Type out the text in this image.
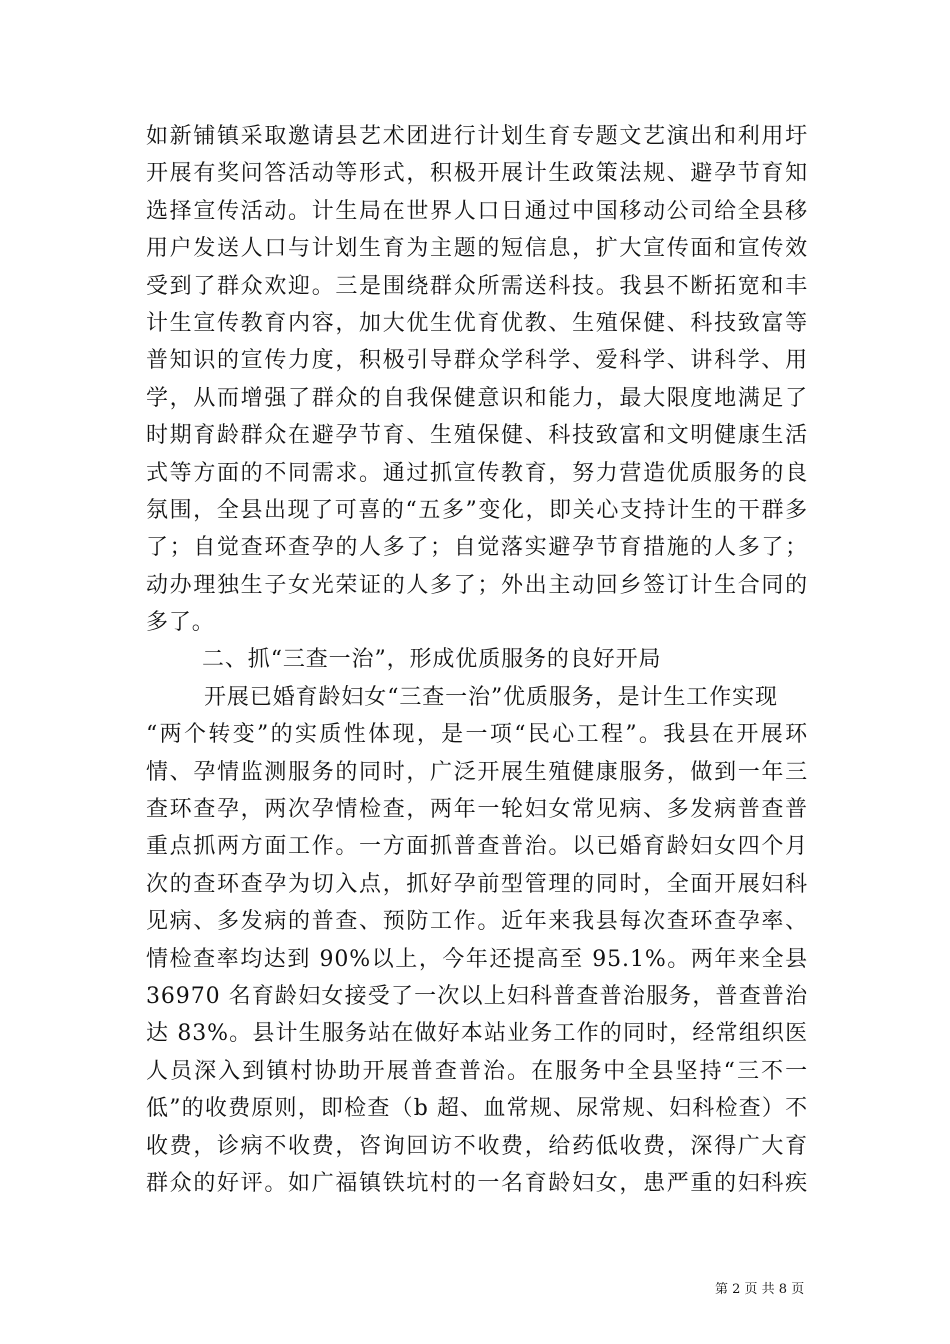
如新铺镇采取邀请县艺术团进行计划生育专题文艺演出和利用圩
开展有奖问答活动等形式，积极开展计生政策法规、避孕节育知
选择宣传活动。计生局在世界人口日通过中国移动公司给全县移
用户发送人口与计划生育为主题的短信息，扩大宣传面和宣传效
受到了群众欢迎。三是围绕群众所需送科技。我县不断拓宽和丰
计生宣传教育内容，加大优生优育优教、生殖保健、科技致富等
普知识的宣传力度，积极引导群众学科学、爱科学、讲科学、用
学，从而增强了群众的自我保健意识和能力，最大限度地满足了
时期育龄群众在避孕节育、生殖保健、科技致富和文明健康生活
式等方面的不同需求。通过抓宣传教育，努力营造优质服务的良
氛围，全县出现了可喜的“五多”变化，即关心支持计生的干群多
了；自觉查环查孕的人多了；自觉落实避孕节育措施的人多了；
动办理独生子女光荣证的人多了；外出主动回乡签订计生合同的
多了。
二、抓“三查一治”，形成优质服务的良好开局
开展已婚育龄妇女“三查一治”优质服务，是计生工作实现
“两个转变”的实质性体现，是一项“民心工程”。我县在开展环
情、孕情监测服务的同时，广泛开展生殖健康服务，做到一年三
查环查孕，两次孕情检查，两年一轮妇女常见病、多发病普查普
重点抓两方面工作。一方面抓普查普治。以已婚育龄妇女四个月
次的查环查孕为切入点，抓好孕前型管理的同时，全面开展妇科
见病、多发病的普查、预防工作。近年来我县每次查环查孕率、
情检查率均达到 90%以上，今年还提高至 95.1%。两年来全县
36970 名育龄妇女接受了一次以上妇科普查普治服务，普查普治
达 83%。县计生服务站在做好本站业务工作的同时，经常组织医
人员深入到镇村协助开展普查普治。在服务中全县坚持“三不一
低”的收费原则，即检查（b 超、血常规、尿常规、妇科检查）不
收费，诊病不收费，咨询回访不收费，给药低收费，深得广大育
群众的好评。如广福镇铁坑村的一名育龄妇女，患严重的妇科疾
第 2 页 共 8 页
